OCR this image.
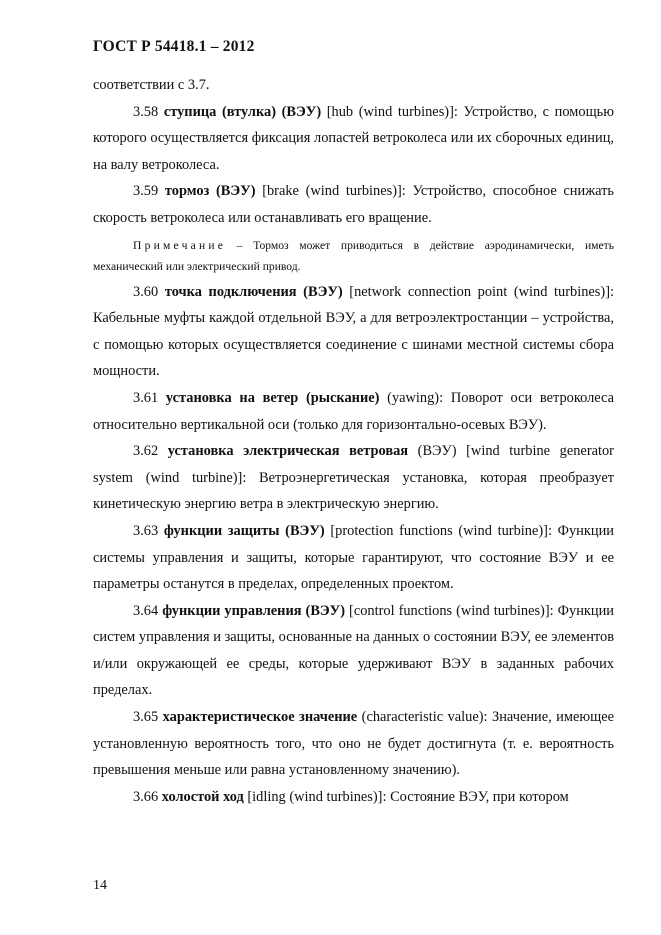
ГОСТ Р 54418.1 – 2012

соответствии с 3.7.

3.58 ступица (втулка) (ВЭУ) [hub (wind turbines)]: Устройство, с помощью которого осуществляется фиксация лопастей ветроколеса или их сборочных единиц, на валу ветроколеса.

3.59 тормоз (ВЭУ) [brake (wind turbines)]: Устройство, способное снижать скорость ветроколеса или останавливать его вращение.

Примечание – Тормоз может приводиться в действие аэродинамически, иметь механический или электрический привод.

3.60 точка подключения (ВЭУ) [network connection point (wind turbines)]: Кабельные муфты каждой отдельной ВЭУ, а для ветроэлектростанции – устройства, с помощью которых осуществляется соединение с шинами местной системы сбора мощности.

3.61 установка на ветер (рыскание) (yawing): Поворот оси ветроколеса относительно вертикальной оси (только для горизонтально-осевых ВЭУ).

3.62 установка электрическая ветровая (ВЭУ) [wind turbine generator system (wind turbine)]: Ветроэнергетическая установка, которая преобразует кинетическую энергию ветра в электрическую энергию.

3.63 функции защиты (ВЭУ) [protection functions (wind turbine)]: Функции системы управления и защиты, которые гарантируют, что состояние ВЭУ и ее параметры останутся в пределах, определенных проектом.

3.64 функции управления (ВЭУ) [control functions (wind turbines)]: Функции систем управления и защиты, основанные на данных о состоянии ВЭУ, ее элементов и/или окружающей ее среды, которые удерживают ВЭУ в заданных рабочих пределах.

3.65 характеристическое значение (characteristic value): Значение, имеющее установленную вероятность того, что оно не будет достигнута (т. е. вероятность превышения меньше или равна установленному значению).

3.66 холостой ход [idling (wind turbines)]: Состояние ВЭУ, при котором

14
